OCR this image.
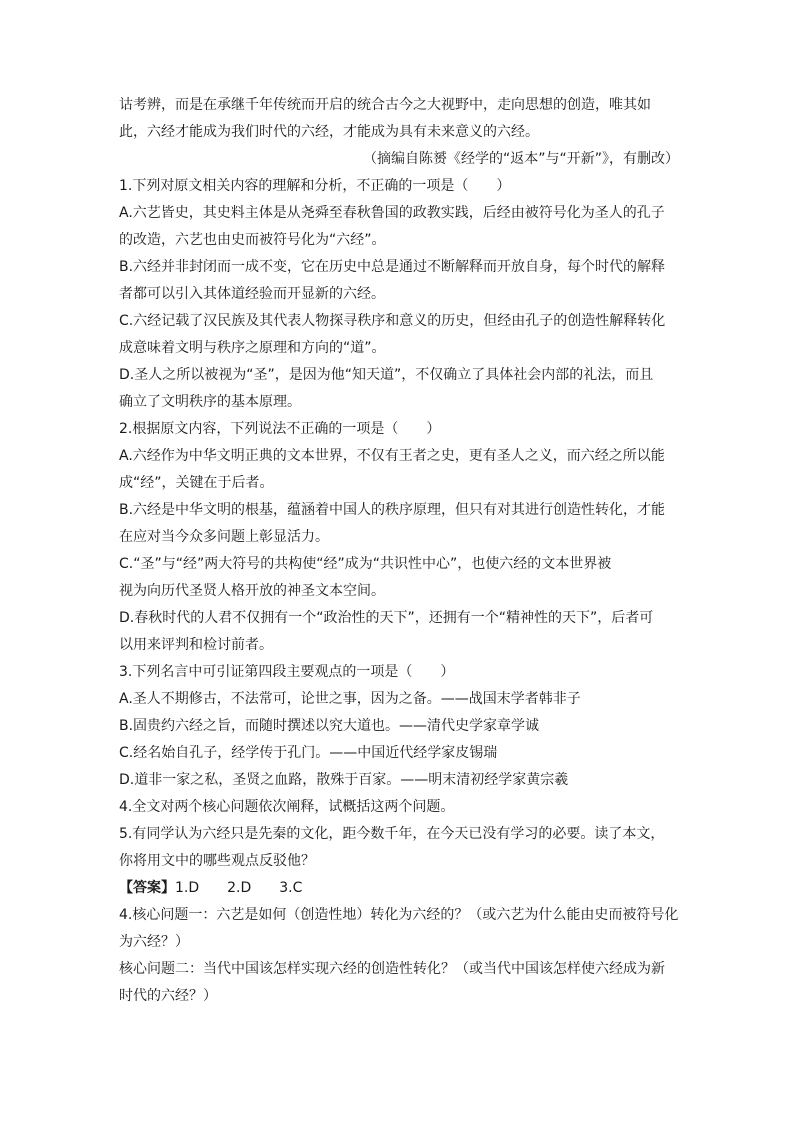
诂考辨，而是在承继千年传统而开启的统合古今之大视野中，走向思想的创造，唯其如
此，六经才能成为我们时代的六经，才能成为具有未来意义的六经。
（摘编自陈赟《经学的“返本”与“开新”》，有删改）
1.下列对原文相关内容的理解和分析，不正确的一项是（　　）
A.六艺皆史，其史料主体是从尧舜至春秋鲁国的政教实践，后经由被符号化为圣人的孔子
的改造，六艺也由史而被符号化为“六经”。
B.六经并非封闭而一成不变，它在历史中总是通过不断解释而开放自身，每个时代的解释
者都可以引入其体道经验而开显新的六经。
C.六经记载了汉民族及其代表人物探寻秩序和意义的历史，但经由孔子的创造性解释转化
成意味着文明与秩序之原理和方向的“道”。
D.圣人之所以被视为“圣”，是因为他“知天道”，不仅确立了具体社会内部的礼法，而且
确立了文明秩序的基本原理。
2.根据原文内容，下列说法不正确的一项是（　　）
A.六经作为中华文明正典的文本世界，不仅有王者之史，更有圣人之义，而六经之所以能
成“经”，关键在于后者。
B.六经是中华文明的根基，蕴涵着中国人的秩序原理，但只有对其进行创造性转化，才能
在应对当今众多问题上彰显活力。
C.“圣”与“经”两大符号的共构使“经”成为“共识性中心”，也使六经的文本世界被
视为向历代圣贤人格开放的神圣文本空间。
D.春秋时代的人君不仅拥有一个“政治性的天下”，还拥有一个“精神性的天下”，后者可
以用来评判和检讨前者。
3.下列名言中可引证第四段主要观点的一项是（　　）
A.圣人不期修古，不法常可，论世之事，因为之备。——战国末学者韩非子
B.固贵约六经之旨，而随时撰述以究大道也。——清代史学家章学诚
C.经名始自孔子，经学传于孔门。——中国近代经学家皮锡瑞
D.道非一家之私，圣贤之血路，散殊于百家。——明末清初经学家黄宗羲
4.全文对两个核心问题依次阐释，试概括这两个问题。
5.有同学认为六经只是先秦的文化，距今数千年，在今天已没有学习的必要。读了本文，
你将用文中的哪些观点反驳他？
【答案】1.D　　2.D　　3.C
4.核心问题一：六艺是如何（创造性地）转化为六经的？（或六艺为什么能由史而被符号化
为六经？）
核心问题二：当代中国该怎样实现六经的创造性转化？（或当代中国该怎样使六经成为新
时代的六经？）
